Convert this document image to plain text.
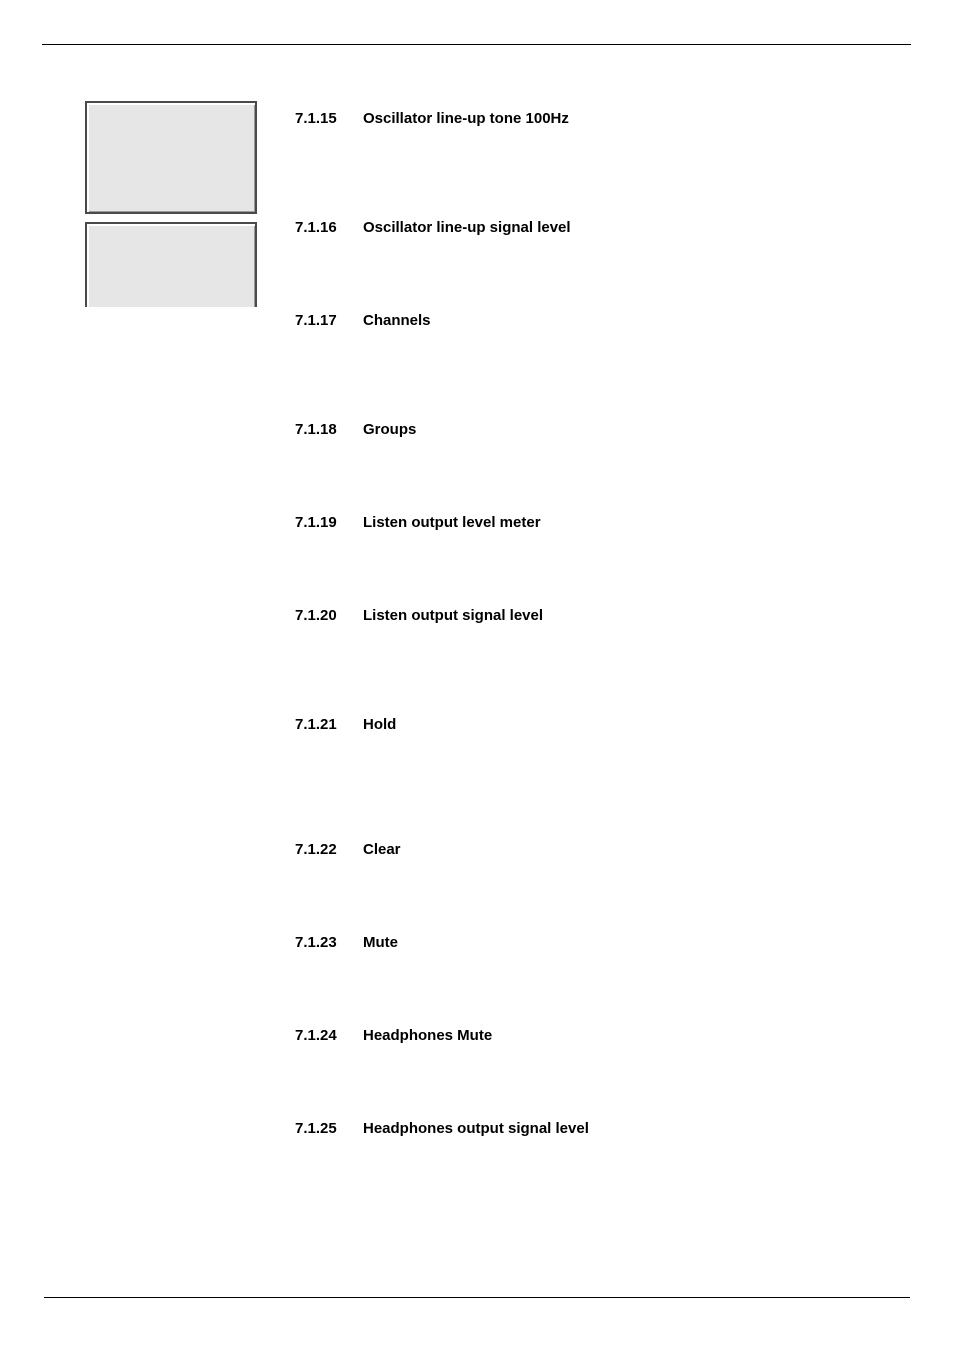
7.1.15 Oscillator line-up tone 100Hz
7.1.16 Oscillator line-up signal level
7.1.17 Channels
7.1.18 Groups
7.1.19 Listen output level meter
7.1.20 Listen output signal level
7.1.21 Hold
7.1.22 Clear
7.1.23 Mute
7.1.24 Headphones Mute
7.1.25 Headphones output signal level
